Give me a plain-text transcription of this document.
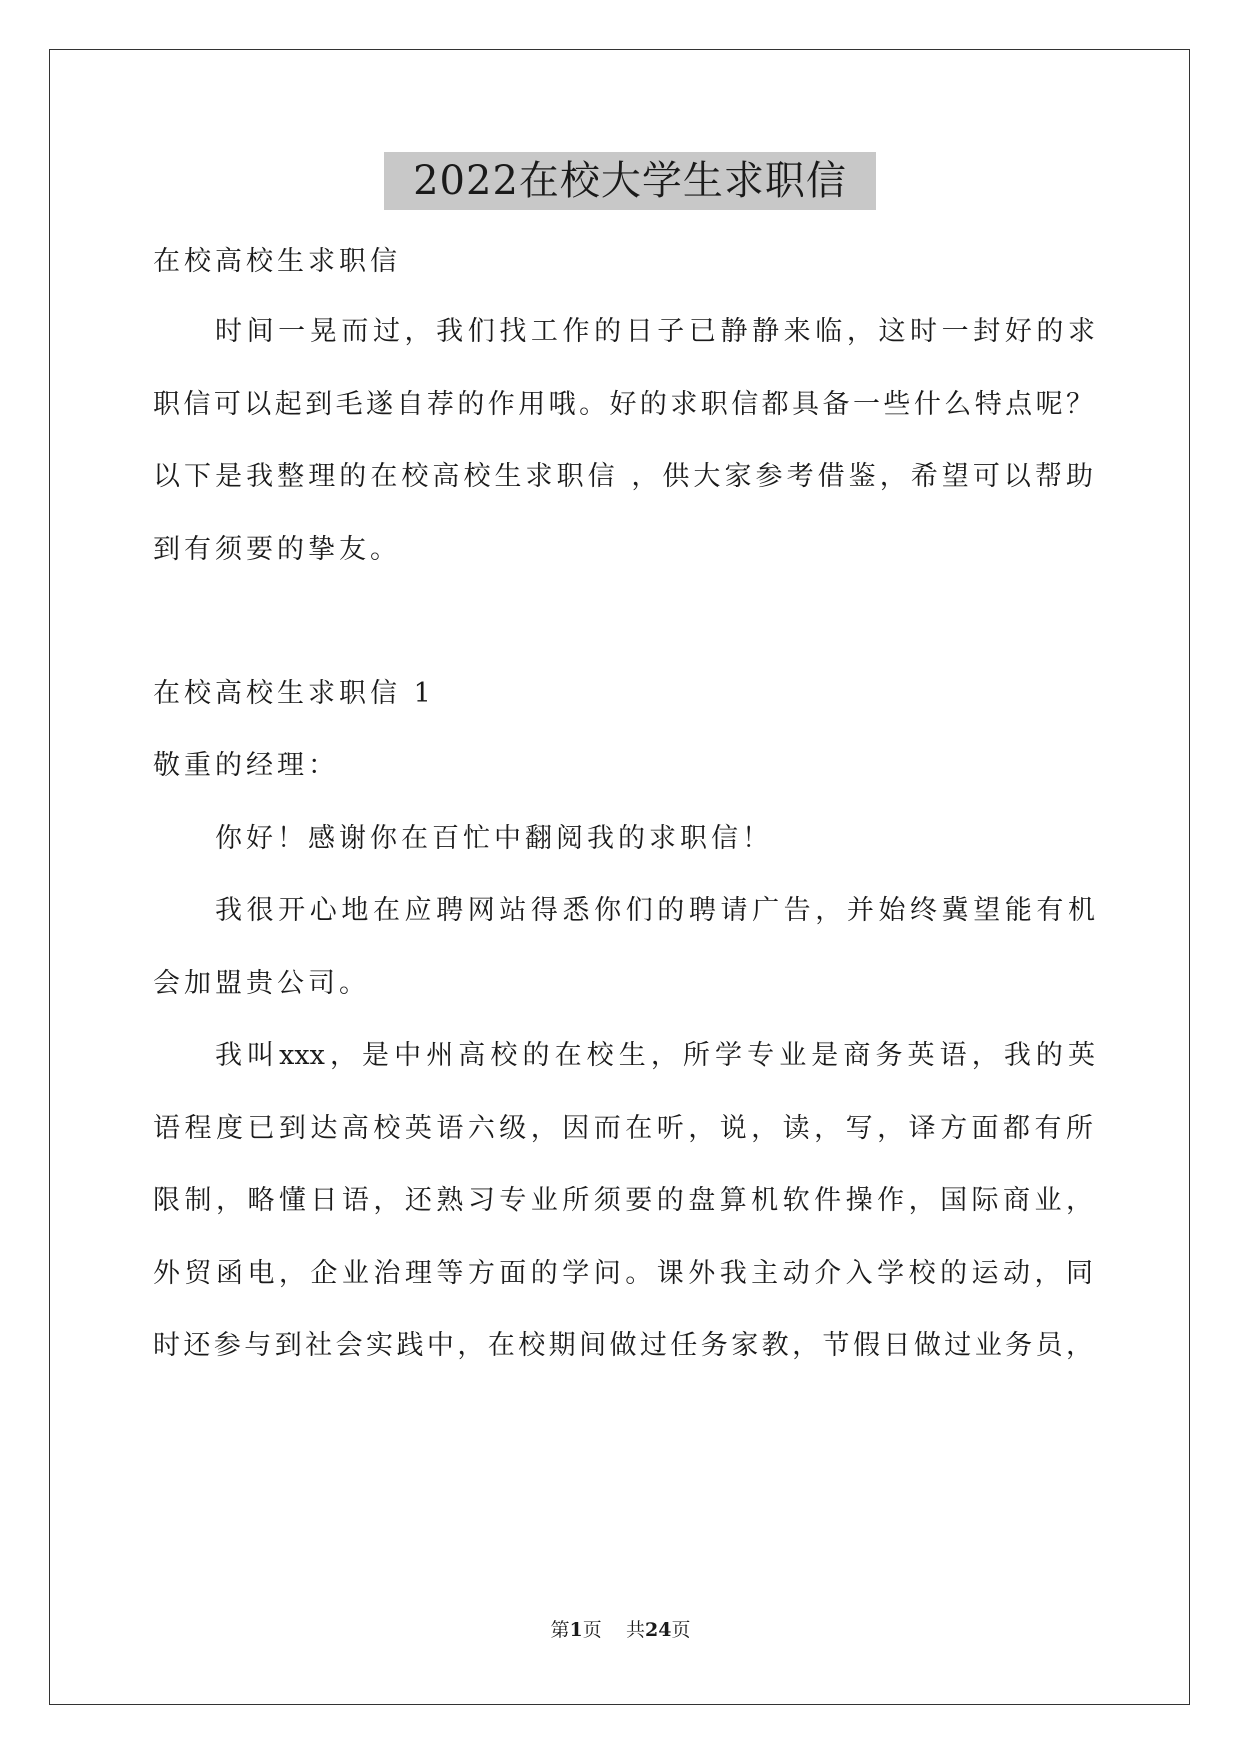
2022在校大学生求职信
在校高校生求职信
时间一晃而过，我们找工作的日子已静静来临，这时一封好的求
职信可以起到毛遂自荐的作用哦。好的求职信都具备一些什么特点呢？
以下是我整理的在校高校生求职信 ，供大家参考借鉴，希望可以帮助
到有须要的挚友。
在校高校生求职信 1
敬重的经理：
你好！感谢你在百忙中翻阅我的求职信！
我很开心地在应聘网站得悉你们的聘请广告，并始终冀望能有机
会加盟贵公司。
我叫xxx，是中州高校的在校生，所学专业是商务英语，我的英
语程度已到达高校英语六级，因而在听，说，读，写，译方面都有所
限制，略懂日语，还熟习专业所须要的盘算机软件操作，国际商业，
外贸函电，企业治理等方面的学问。课外我主动介入学校的运动，同
时还参与到社会实践中，在校期间做过任务家教，节假日做过业务员，
第1页 共24页
